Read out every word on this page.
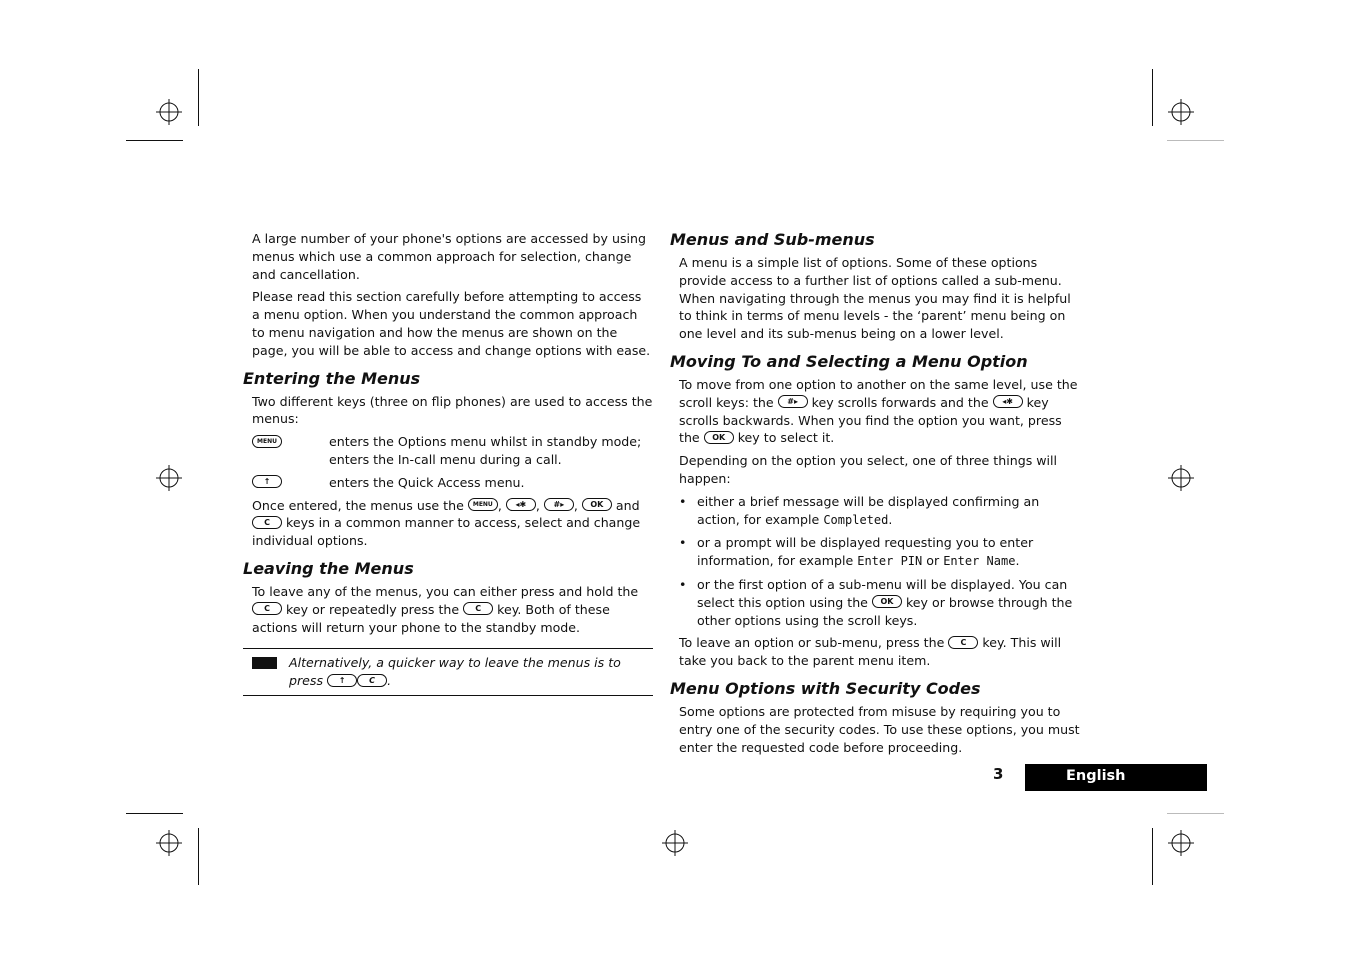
A large number of your phone's options are accessed by using menus which use a common approach for selection, change and cancellation.

Please read this section carefully before attempting to access a menu option. When you understand the common approach to menu navigation and how the menus are shown on the page, you will be able to access and change options with ease.

Entering the Menus

Two different keys (three on flip phones) are used to access the menus:

MENU	enters the Options menu whilst in standby mode; enters the In-call menu during a call.
↑	enters the Quick Access menu.

Once entered, the menus use the MENU , ◂✱ , #▸ , OK and C keys in a common manner to access, select and change individual options.

Leaving the Menus

To leave any of the menus, you can either press and hold the C key or repeatedly press the C key. Both of these actions will return your phone to the standby mode.

Alternatively, a quicker way to leave the menus is to press ↑	C .
Menus and Sub-menus

A menu is a simple list of options. Some of these options provide access to a further list of options called a sub-menu. When navigating through the menus you may find it is helpful to think in terms of menu levels - the ‘parent’ menu being on one level and its sub-menus being on a lower level.

Moving To and Selecting a Menu Option

To move from one option to another on the same level, use the scroll keys: the #▸ key scrolls forwards and the ◂✱ key scrolls backwards. When you find the option you want, press the OK key to select it.

Depending on the option you select, one of three things will happen:

• either a brief message will be displayed confirming an action, for example Completed.
• or a prompt will be displayed requesting you to enter information, for example Enter PIN or Enter Name.
• or the first option of a sub-menu will be displayed. You can select this option using the OK key or browse through the other options using the scroll keys.

To leave an option or sub-menu, press the C key. This will take you back to the parent menu item.

Menu Options with Security Codes

Some options are protected from misuse by requiring you to entry one of the security codes. To use these options, you must enter the requested code before proceeding.

3	English
